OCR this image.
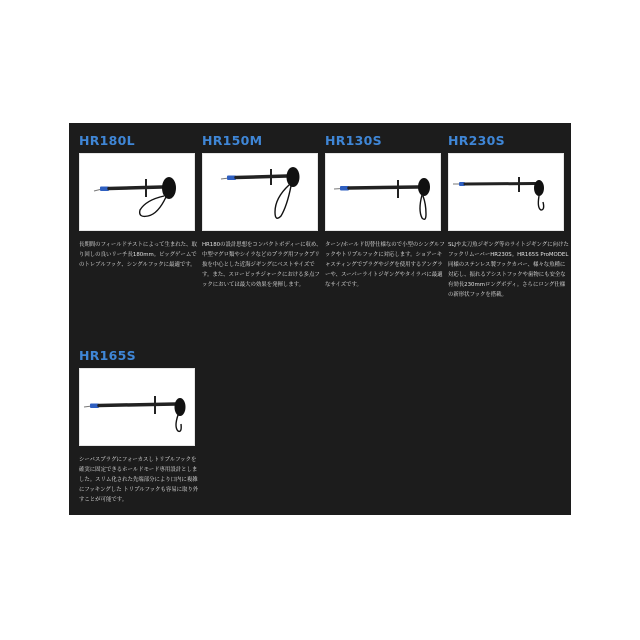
HR180L
長期間のフィールドテストによって生まれた、取り回しの良いリーチ長180mm。ビッグゲームでのトレブルフック、シングルフックに最適です。
HR150M
HR180の設計思想をコンパクトボディーに収め、中型マグロ類やシイラなどのプラグ用フックプリ抜を中心とした近海ジギングにベストサイズです。また、スローピッチジャークにおける多点フックにおいては最大の効果を発揮します。
HR130S
ターン/ホールド切替仕様なので小型のシングルフックやトリプルフックに対応します。ショアーキャスティングでプラグやジグを使用するアングラーや、スーパーライトジギングやタイラバに最適なサイズです。
HR230S
SLJや太刀魚ジギング等のライトジギングに向けたフックリムーバーHR230S。HR165S ProMODEL同様のステンレス製フックカバー、様々な魚種に対応し、振れるアシストフックや歯物にも安全な有効長230mmロングボディ。さらにロング仕様の新形状フックを搭載。
HR165S
シーバスプラグにフォーカスしトリプルフックを確実に固定できるホールドモード専用設計としました。スリム化された先端部分により口内に複雑にフッキングした トリプルフックも容易に取り外すことが可能です。
